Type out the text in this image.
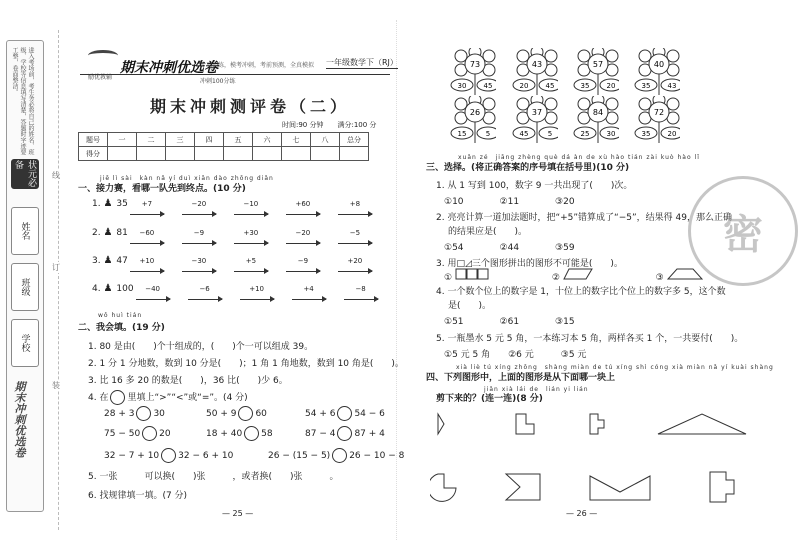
进入考场前，考生务必将自己的姓名、班级、学校等信息填写清楚，答题时字迹要工整，卷面整洁。
状元必备
姓名
班级
学校
期末冲刺优选卷
线
订
装
期末冲刺优选卷
励优教辅
专项训练，模考冲刺，考前预测，全真模拟 一年级数学下（RJ）
冲刺100分练
期末冲刺测评卷（二）
时间:90 分钟　　满分:100 分
题号	一	二	三	四	五	六	七	八	总分
得分									
jiē lì sài　kàn nǎ yí duì xiān dào zhōng diǎn
一、接力赛，看哪一队先到终点。(10 分)
1. ♟ 35	+7	−20	−10	+60	+8
2. ♟ 81	−60	−9	+30	−20	−5
3. ♟ 47	+10	−30	+5	−9	+20
4. ♟ 100	−40	−6	+10	+4	−8
wǒ huì tián
二、我会填。(19 分)
1. 80 是由(　　)个十组成的，(　　)个一可以组成 39。
2. 1 分 1 分地数，数到 10 分是(　　)；1 角 1 角地数，数到 10 角是(　　)。
3. 比 16 多 20 的数是(　　)，36 比(　　)少 6。
4. 在 里填上“>”“<”或“=”。(4 分)
28 + 3 30	50 + 9 60	54 + 6 54 − 6
75 − 50 20	18 + 40 58	87 − 4 87 + 4
32 − 7 + 10 32 − 6 + 10	26 − (15 − 5) 26 − 10 − 8
5. 一张　　　可以换(　　)张　　　，或者换(　　)张　　　。
6. 找规律填一填。(7 分)
— 25 —
73
30 45
43
20 45
57
35 20
40
35 43
26
15	5
37
45	5
84
25 30
72
35 20
xuǎn zé　jiāng zhèng què dá àn de xù hào tián zài kuò hào lǐ
三、选择。(将正确答案的序号填在括号里)(10 分)
1. 从 1 写到 100，数字 9 一共出现了(　　)次。
①10　　　　②11　　　　③20
2. 亮亮计算一道加法题时，把“+5”错算成了“−5”，结果得 49，那么正确
的结果应是(　　)。
①54　　　　②44　　　　③59
3. 用□◿三个图形拼出的图形不可能是(　　)。
①	②	③
4. 一个数个位上的数字是 1，十位上的数字比个位上的数字多 5，这个数
是(　　)。
①51　　　　②61　　　　③15
5. 一瓶墨水 5 元 5 角，一本练习本 5 角，两样各买 1 个，一共要付(　　)。
①5 元 5 角　　②6 元　　　③5 元
xià liè tú xíng zhōng　shàng miàn de tú xíng shì cóng xià miàn nǎ yí kuài shàng
四、下列图形中，上面的图形是从下面哪一块上
jiǎn xià lái de　lián yi lián
剪下来的？(连一连)(8 分)
— 26 —
密
